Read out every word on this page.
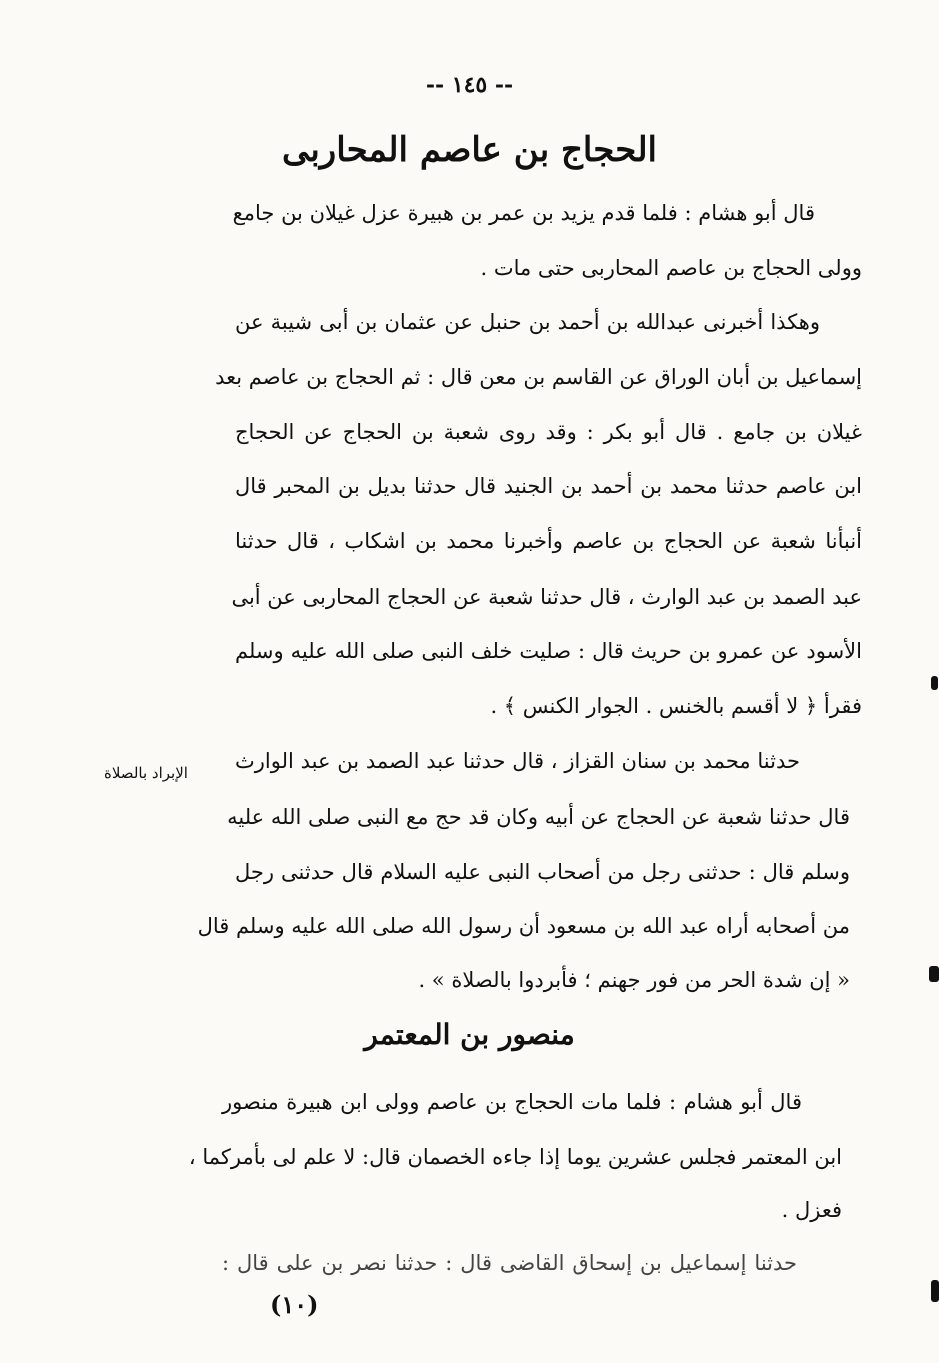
-- ١٤٥ --
الحجاج بن عاصم المحاربى
قال أبو هشام : فلما قدم يزيد بن عمر بن هبيرة عزل غيلان بن جامع
وولى الحجاج بن عاصم المحاربى حتى مات .
وهكذا أخبرنى عبدالله بن أحمد بن حنبل عن عثمان بن أبى شيبة عن
إسماعيل بن أبان الوراق عن القاسم بن معن قال : ثم الحجاج بن عاصم بعد
غيلان بن جامع . قال أبو بكر : وقد روى شعبة بن الحجاج عن الحجاج
ابن عاصم حدثنا محمد بن أحمد بن الجنيد قال حدثنا بديل بن المحبر قال
أنبأنا شعبة عن الحجاج بن عاصم وأخبرنا محمد بن اشكاب ، قال حدثنا
عبد الصمد بن عبد الوارث ، قال حدثنا شعبة عن الحجاج المحاربى عن أبى
الأسود عن عمرو بن حريث قال : صليت خلف النبى صلى الله عليه وسلم
فقرأ ﴿ لا أقسم بالخنس . الجوار الكنس ﴾ .
الإبراد بالصلاة	حدثنا محمد بن سنان القزاز ، قال حدثنا عبد الصمد بن عبد الوارث
قال حدثنا شعبة عن الحجاج عن أبيه وكان قد حج مع النبى صلى الله عليه
وسلم قال : حدثنى رجل من أصحاب النبى عليه السلام قال حدثنى رجل
من أصحابه أراه عبد الله بن مسعود أن رسول الله صلى الله عليه وسلم قال
« إن شدة الحر من فور جهنم ؛ فأبردوا بالصلاة » .
منصور بن المعتمر
قال أبو هشام : فلما مات الحجاج بن عاصم وولى ابن هبيرة منصور
ابن المعتمر فجلس عشرين يوما إذا جاءه الخصمان قال: لا علم لى بأمركما ،
فعزل .
حدثنا إسماعيل بن إسحاق القاضى قال : حدثنا نصر بن على قال :
(١٠)
